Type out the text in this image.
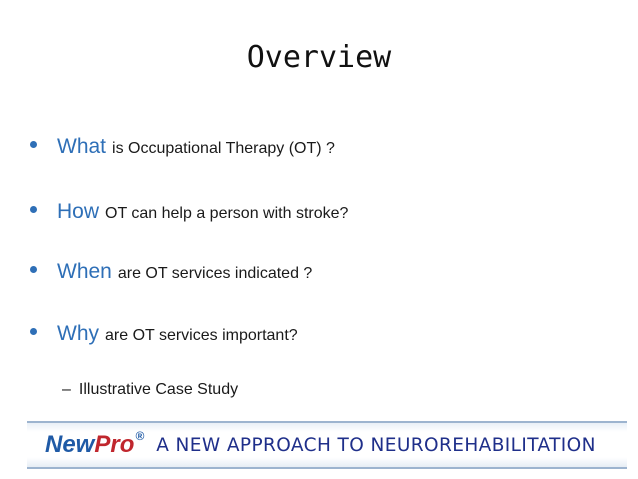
Overview
What is Occupational Therapy (OT) ?
How OT can help a person with stroke?
When are OT services indicated ?
Why are OT services important?
– Illustrative Case Study
New Pro ® A NEW APPROACH TO NEUROREHABILITATION
